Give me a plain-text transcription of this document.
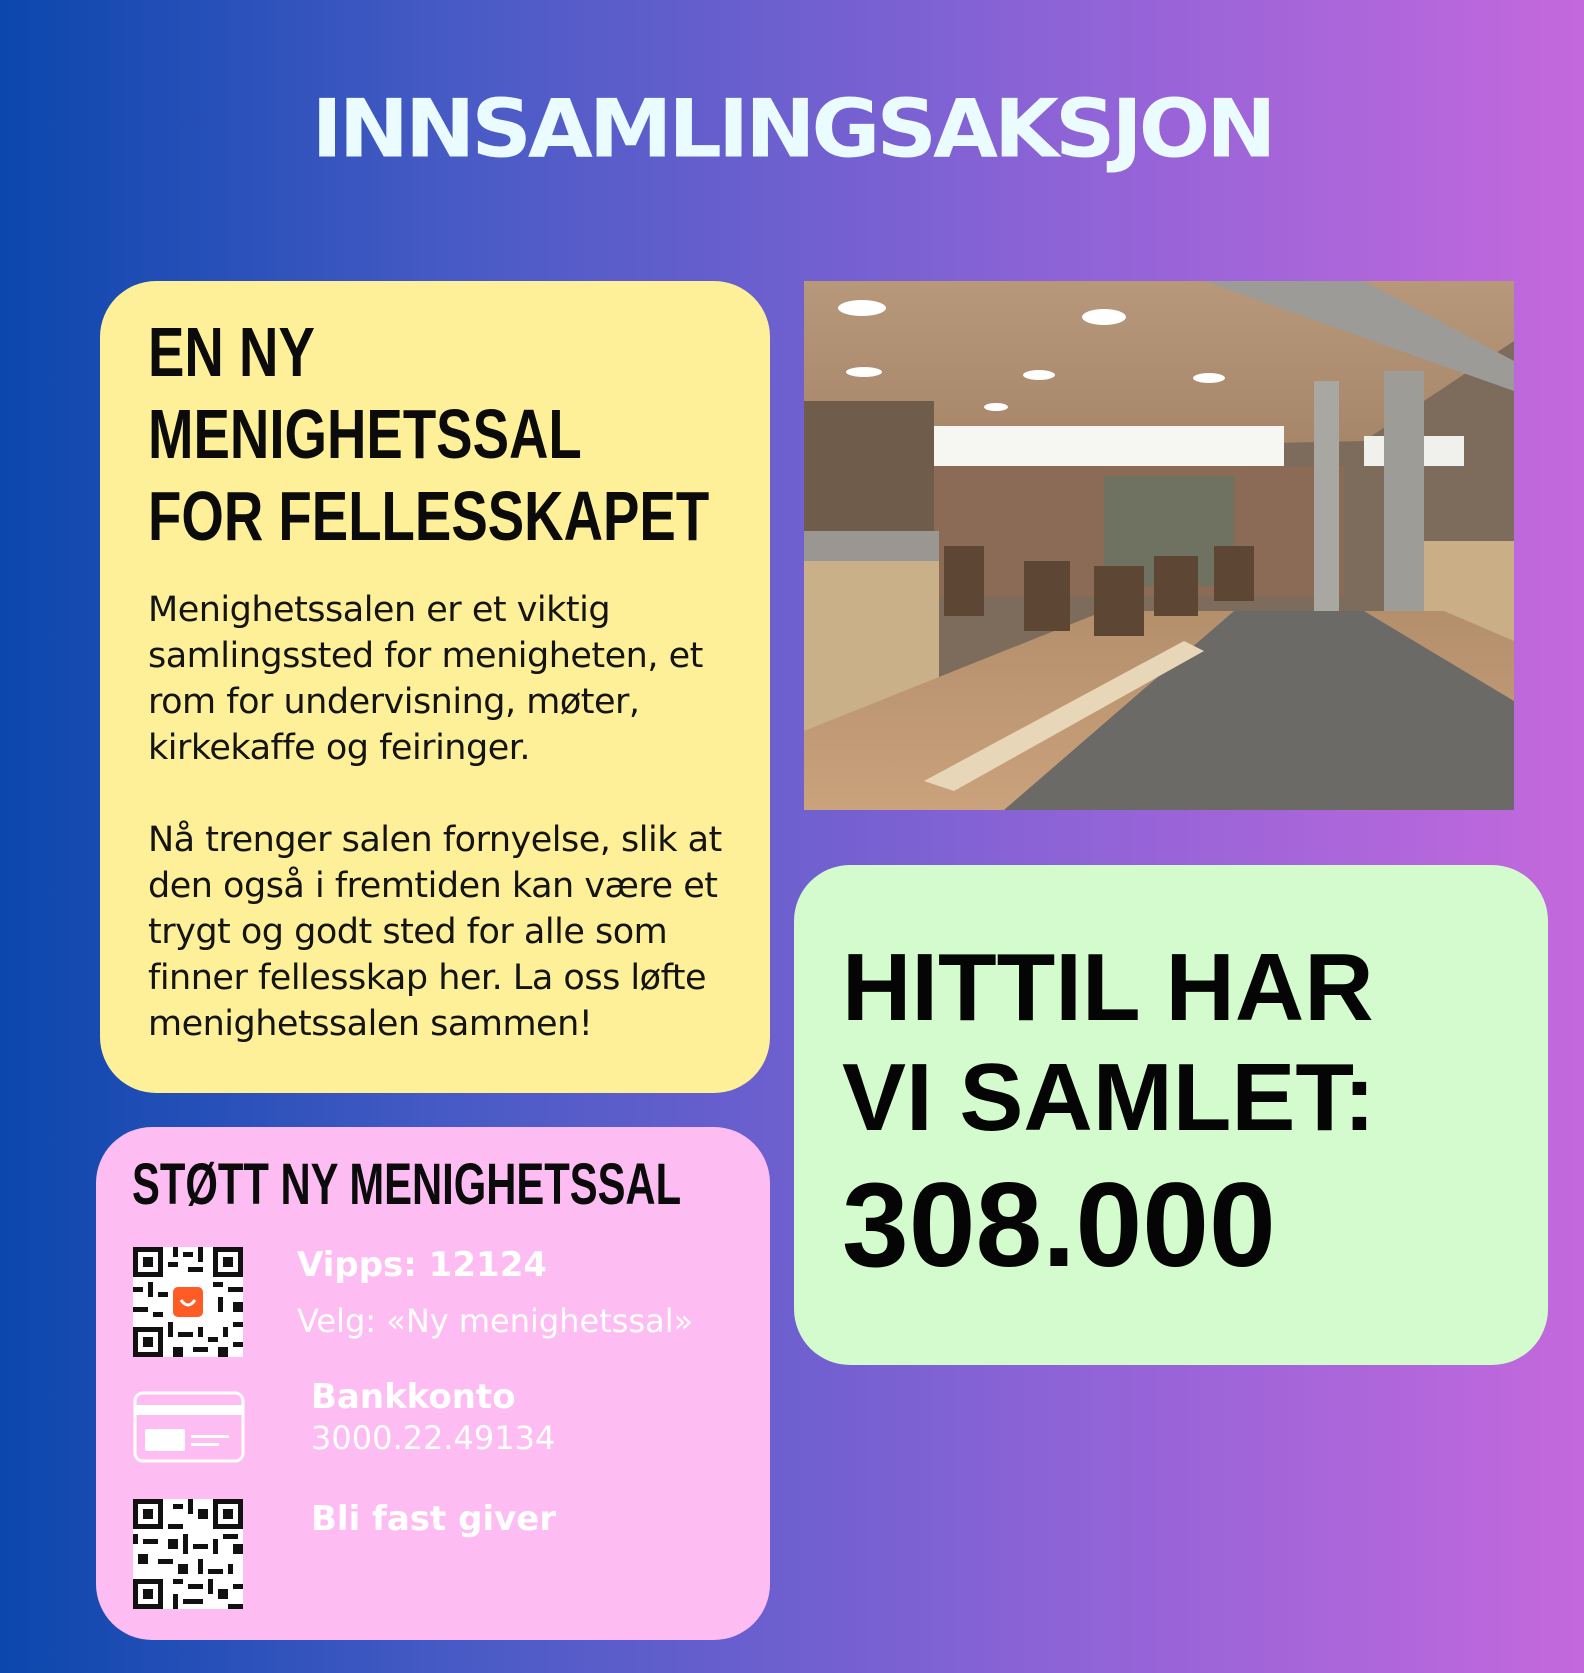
INNSAMLINGSAKSJON
EN NY MENIGHETSSAL
FOR FELLESSKAPET

Menighetssalen er et viktig samlingssted for menigheten, et rom for undervisning, møter, kirkekaffe og feiringer.

Nå trenger salen fornyelse, slik at den også i fremtiden kan være et trygt og godt sted for alle som finner fellesskap her. La oss løfte menighetssalen sammen!	HITTIL HAR
VI SAMLET:
308.000
STØTT NY MENIGHETSSAL
Vipps: 12124
Velg: «Ny menighetssal»
Bankkonto
3000.22.49134
Bli fast giver
